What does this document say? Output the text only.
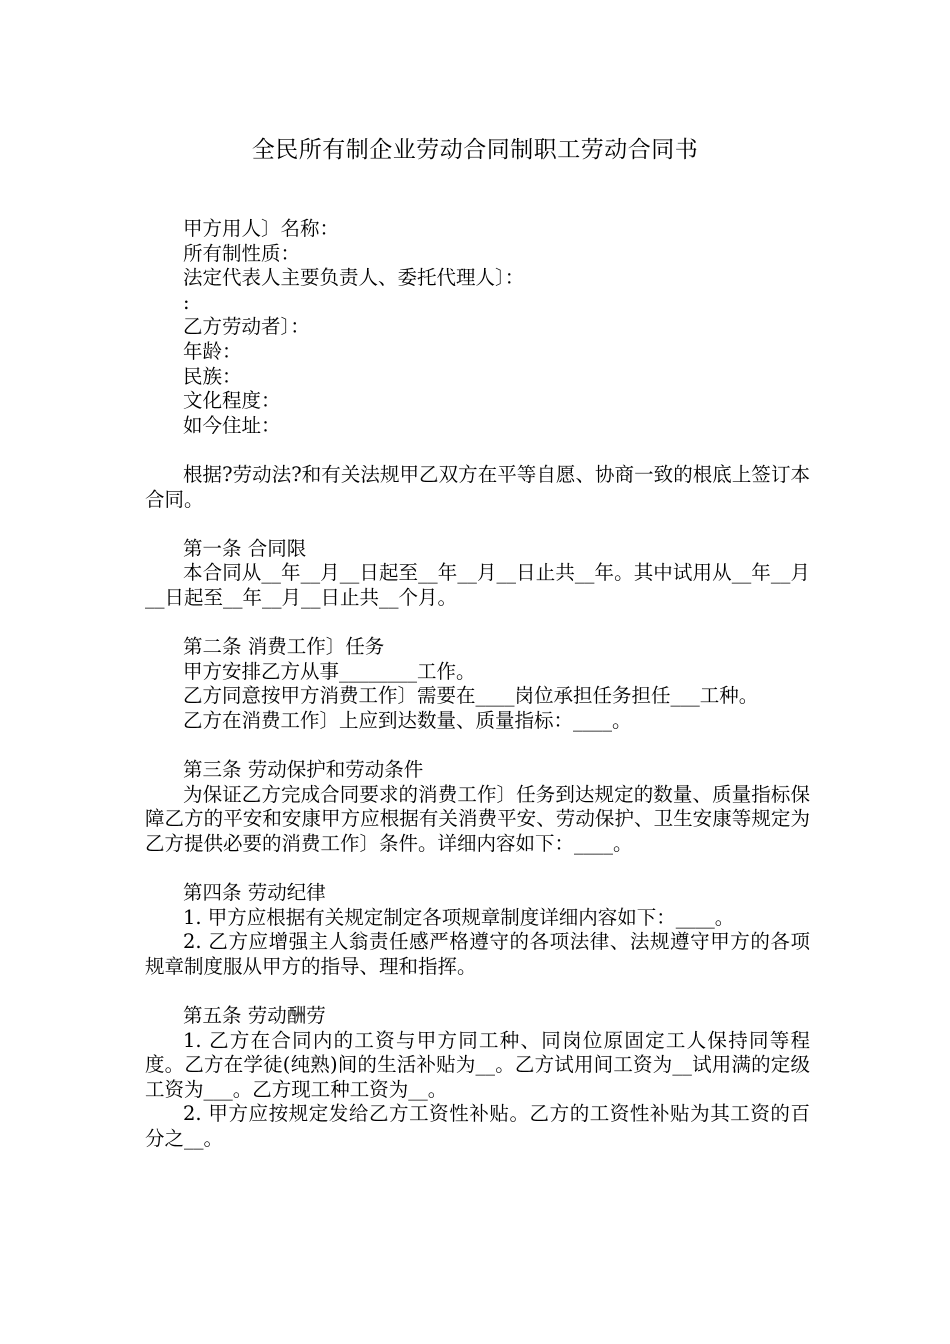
全民所有制企业劳动合同制职工劳动合同书
甲方用人〕名称：
所有制性质：
法定代表人主要负责人、委托代理人〕：
:
乙方劳动者〕：
年龄：
民族：
文化程度：
如今住址：

根据?劳动法?和有关法规甲乙双方在平等自愿、协商一致的根底上签订本合同。

第一条 合同限

本合同从__年__月__日起至__年__月__日止共__年。其中试用从__年__月__日起至__年__月__日止共__个月。

第二条 消费工作〕任务

甲方安排乙方从事________工作。

乙方同意按甲方消费工作〕需要在____岗位承担任务担任___工种。

乙方在消费工作〕上应到达数量、质量指标：____。

第三条 劳动保护和劳动条件

为保证乙方完成合同要求的消费工作〕任务到达规定的数量、质量指标保障乙方的平安和安康甲方应根据有关消费平安、劳动保护、卫生安康等规定为乙方提供必要的消费工作〕条件。详细内容如下：____。

第四条 劳动纪律

1. 甲方应根据有关规定制定各项规章制度详细内容如下：____。

2. 乙方应增强主人翁责任感严格遵守的各项法律、法规遵守甲方的各项规章制度服从甲方的指导、理和指挥。

第五条 劳动酬劳

1. 乙方在合同内的工资与甲方同工种、同岗位原固定工人保持同等程度。乙方在学徒(纯熟)间的生活补贴为__。乙方试用间工资为__试用满的定级工资为___。乙方现工种工资为__。

2. 甲方应按规定发给乙方工资性补贴。乙方的工资性补贴为其工资的百分之__。
